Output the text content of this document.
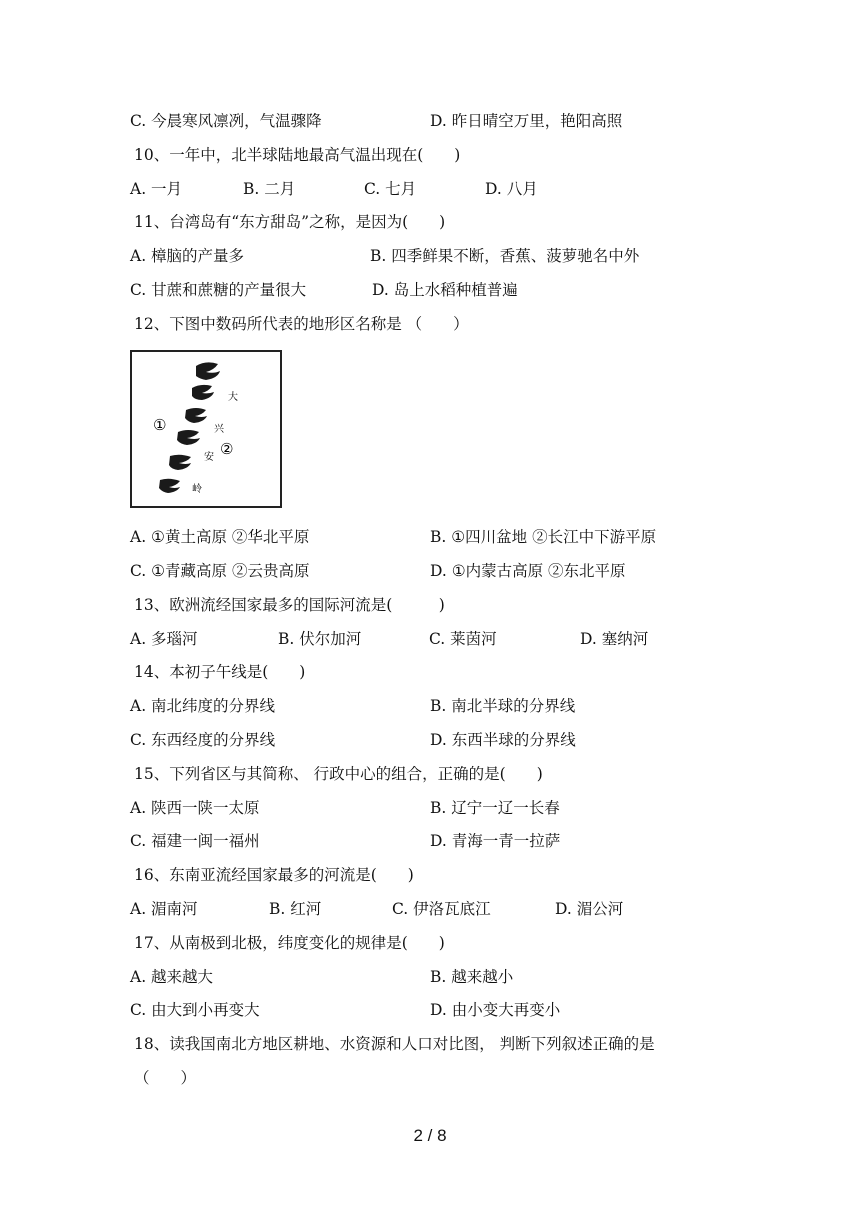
C. 今晨寒风凛冽，气温骤降	D. 昨日晴空万里，艳阳高照
10、一年中，北半球陆地最高气温出现在(　　)
A. 一月	B. 二月	C. 七月	D. 八月
11、台湾岛有“东方甜岛”之称，是因为(　　)
A. 樟脑的产量多	B. 四季鲜果不断，香蕉、菠萝驰名中外
C. 甘蔗和蔗糖的产量很大	D. 岛上水稻种植普遍
12、下图中数码所代表的地形区名称是 （　　）
①
②
大
兴
安
岭
A. ①黄土高原 ②华北平原	B. ①四川盆地 ②长江中下游平原
C. ①青藏高原 ②云贵高原	D. ①内蒙古高原 ②东北平原
13、欧洲流经国家最多的国际河流是(　　　)
A. 多瑙河	B. 伏尔加河	C. 莱茵河	D. 塞纳河
14、本初子午线是(　　)
A. 南北纬度的分界线	B. 南北半球的分界线
C. 东西经度的分界线	D. 东西半球的分界线
15、下列省区与其简称、 行政中心的组合，正确的是(　　)
A. 陕西一陕一太原	B. 辽宁一辽一长春
C. 福建一闽一福州	D. 青海一青一拉萨
16、东南亚流经国家最多的河流是(　　)
A. 湄南河	B. 红河	C. 伊洛瓦底江	D. 湄公河
17、从南极到北极，纬度变化的规律是(　　)
A. 越来越大	B. 越来越小
C. 由大到小再变大	D. 由小变大再变小
18、读我国南北方地区耕地、水资源和人口对比图， 判断下列叙述正确的是
（　　）
2 / 8
